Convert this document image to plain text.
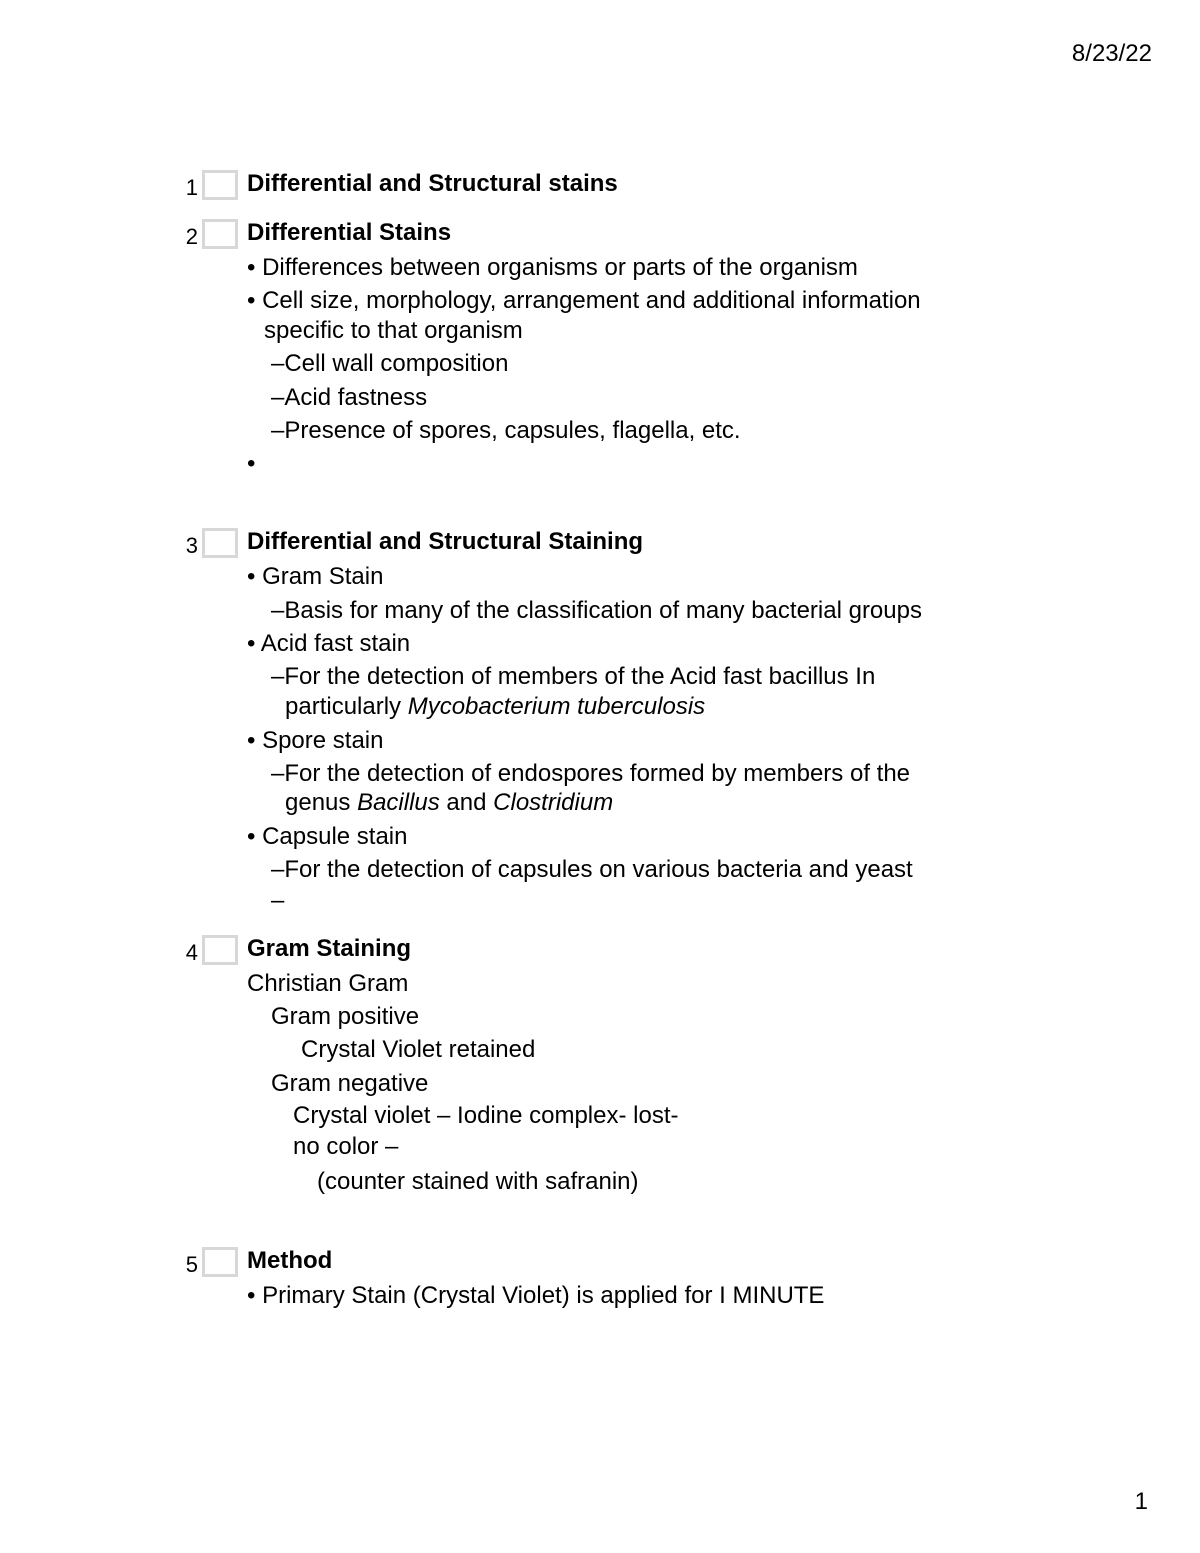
8/23/22
1 Differential and Structural stains
2 Differential Stains
• Differences between organisms or parts of the organism
• Cell size, morphology, arrangement and additional information
specific to that organism
–Cell wall composition
–Acid fastness
–Presence of spores, capsules, flagella, etc.
•
3 Differential and Structural Staining
• Gram Stain
–Basis for many of the classification of many bacterial groups
• Acid fast stain
–For the detection of members of the Acid fast bacillus In
particularly Mycobacterium tuberculosis
• Spore stain
–For the detection of endospores formed by members of the
genus Bacillus and Clostridium
• Capsule stain
–For the detection of capsules on various bacteria and yeast
–
4 Gram Staining
Christian Gram
Gram positive
Crystal Violet retained
Gram negative
Crystal violet – Iodine complex- lost-
no color –
(counter stained with safranin)
5 Method
• Primary Stain (Crystal Violet) is applied for I MINUTE
1
